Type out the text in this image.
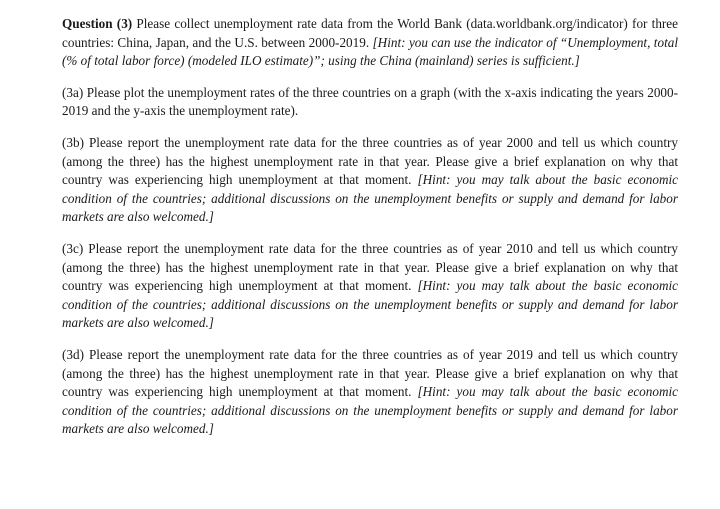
Question (3) Please collect unemployment rate data from the World Bank (data.worldbank.org/indicator) for three countries: China, Japan, and the U.S. between 2000-2019. [Hint: you can use the indicator of “Unemployment, total (% of total labor force) (modeled ILO estimate)”; using the China (mainland) series is sufficient.]

(3a) Please plot the unemployment rates of the three countries on a graph (with the x-axis indicating the years 2000-2019 and the y-axis the unemployment rate).

(3b) Please report the unemployment rate data for the three countries as of year 2000 and tell us which country (among the three) has the highest unemployment rate in that year. Please give a brief explanation on why that country was experiencing high unemployment at that moment. [Hint: you may talk about the basic economic condition of the countries; additional discussions on the unemployment benefits or supply and demand for labor markets are also welcomed.]

(3c) Please report the unemployment rate data for the three countries as of year 2010 and tell us which country (among the three) has the highest unemployment rate in that year. Please give a brief explanation on why that country was experiencing high unemployment at that moment. [Hint: you may talk about the basic economic condition of the countries; additional discussions on the unemployment benefits or supply and demand for labor markets are also welcomed.]

(3d) Please report the unemployment rate data for the three countries as of year 2019 and tell us which country (among the three) has the highest unemployment rate in that year. Please give a brief explanation on why that country was experiencing high unemployment at that moment. [Hint: you may talk about the basic economic condition of the countries; additional discussions on the unemployment benefits or supply and demand for labor markets are also welcomed.]
